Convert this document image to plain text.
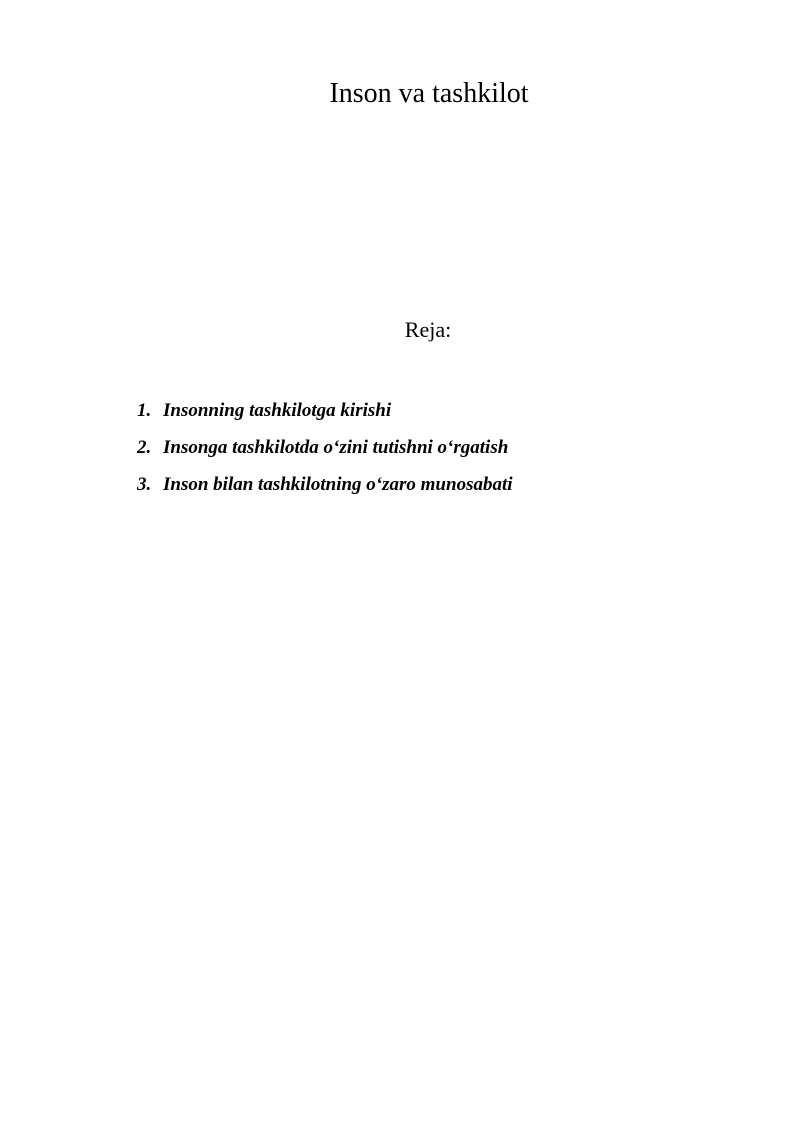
Inson va tashkilot
Reja:
1. Insonning tashkilotga kirishi
2. Insonga tashkilotda o‘zini tutishni o‘rgatish
3. Inson bilan tashkilotning o‘zaro munosabati
